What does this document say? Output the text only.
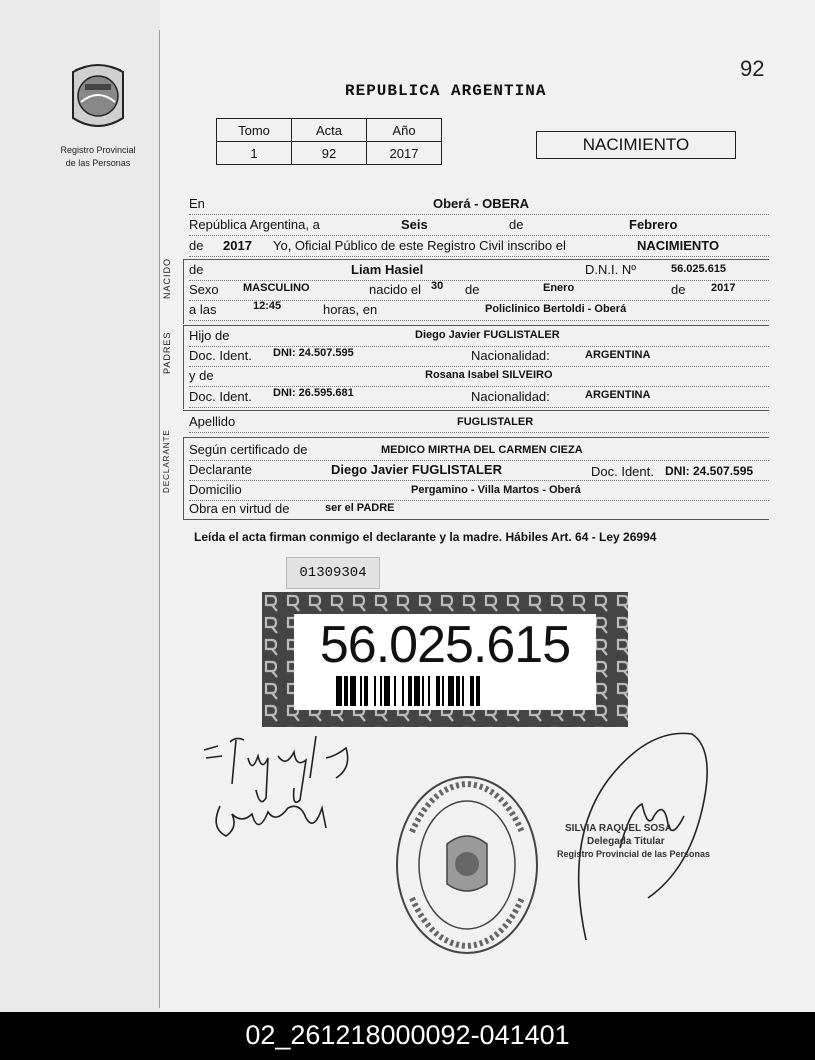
Registro Provincial
de las Personas
92
REPUBLICA ARGENTINA
Tomo	Acta	Año
1	92	2017	NACIMIENTO
En	Oberá - OBERA
República Argentina, a	Seis	de	Febrero
de 2017 Yo, Oficial Público de este Registro Civil inscribo el	NACIMIENTO
NACIDO	de	Liam Hasiel	D.N.I. Nº	56.025.615
Sexo MASCULINO	nacido el 30 de	Enero	de 2017
a las	12:45	horas, en	Policlinico Bertoldi - Oberá
PADRES	Hijo de	Diego Javier FUGLISTALER
Doc. Ident. DNI: 24.507.595	Nacionalidad:	ARGENTINA
y de	Rosana Isabel SILVEIRO
Doc. Ident. DNI: 26.595.681	Nacionalidad:	ARGENTINA
Apellido	FUGLISTALER
Según certificado de	MEDICO MIRTHA DEL CARMEN CIEZA
Declarante	Diego Javier FUGLISTALER	Doc. Ident. DNI: 24.507.595
Domicilio	Pergamino - Villa Martos - Oberá
Obra en virtud de	ser el PADRE
Leída el acta firman conmigo el declarante y la madre. Hábiles Art. 64 - Ley 26994
01309304
56.025.615
SILVIA RAQUEL SOSA
Delegada Titular
Registro Provincial de las Personas
02_261218000092-041401
